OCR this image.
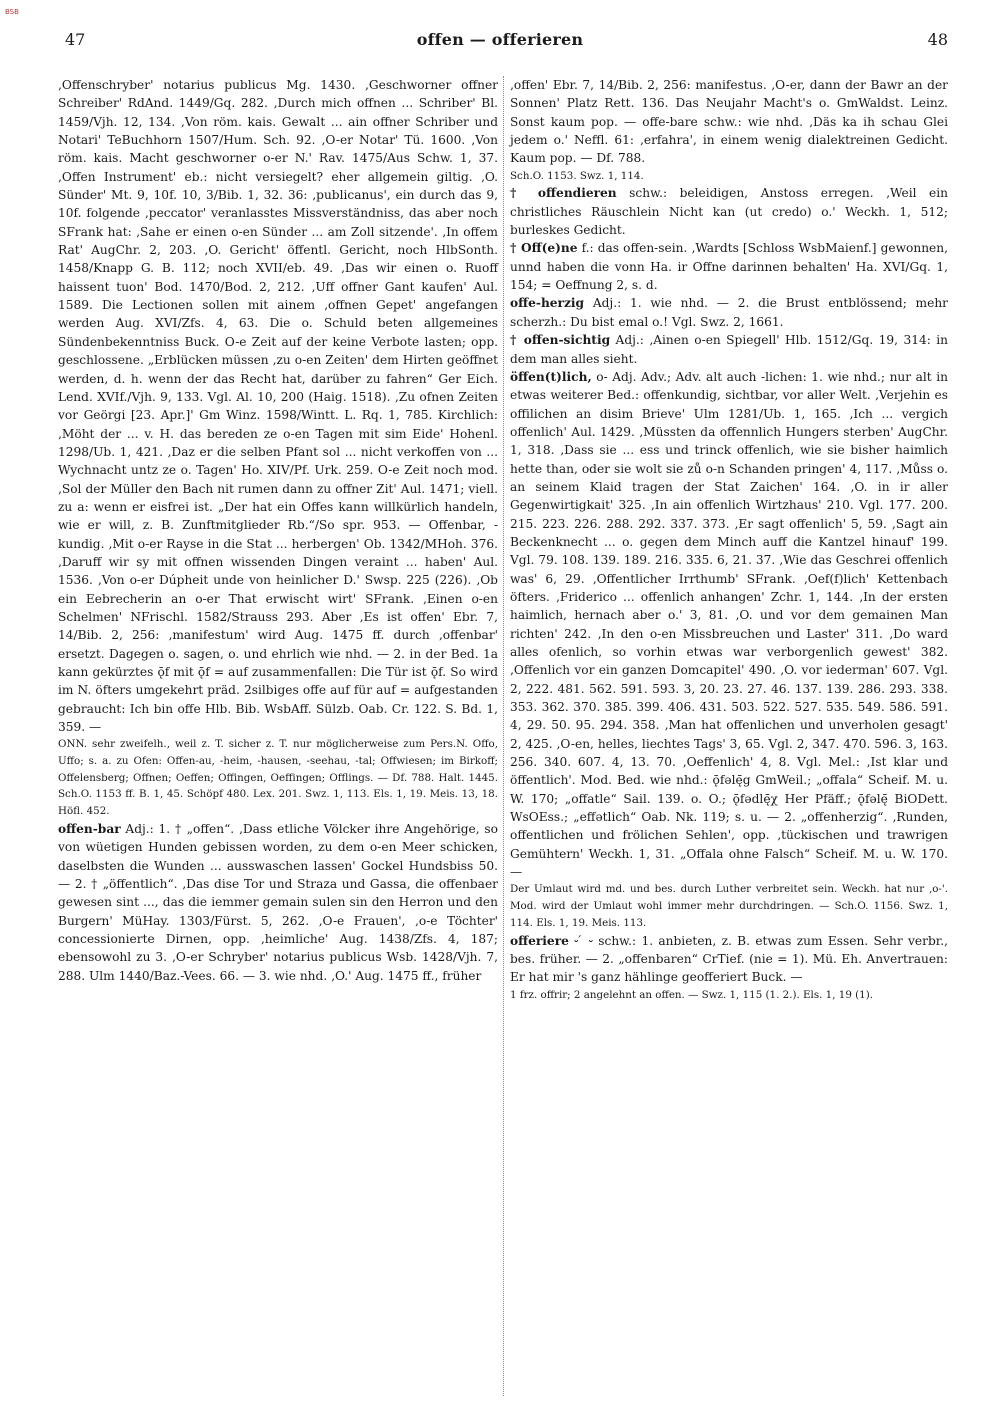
BSB
47	offen — offerieren	48

‚Offenschryber' notarius publicus Mg. 1430. ‚Geschworner offner Schreiber' RdAnd. 1449/Gq. 282. ‚Durch mich offnen ... Schriber' Bl. 1459/Vjh. 12, 134. ‚Von röm. kais. Gewalt ... ain offner Schriber und Notari' TeBuchhorn 1507/Hum. Sch. 92. ‚O-er Notar' Tü. 1600. ‚Von röm. kais. Macht geschworner o-er N.' Rav. 1475/Aus Schw. 1, 37. ‚Offen Instrument' eb.: nicht versiegelt? eher allgemein giltig. ‚O. Sünder' Mt. 9, 10f. 10, 3/Bib. 1, 32. 36: ‚publicanus', ein durch das 9, 10f. folgende ‚peccator' veranlasstes Missverständniss, das aber noch SFrank hat: ‚Sahe er einen o-en Sünder ... am Zoll sitzende'. ‚In offem Rat' AugChr. 2, 203. ‚O. Gericht' öffentl. Gericht, noch HlbSonth. 1458/Knapp G. B. 112; noch XVII/eb. 49. ‚Das wir einen o. Ruoff haissent tuon' Bod. 1470/Bod. 2, 212. ‚Uff offner Gant kaufen' Aul. 1589. Die Lectionen sollen mit ainem ‚offnen Gepet' angefangen werden Aug. XVI/Zfs. 4, 63. Die o. Schuld beten allgemeines Sündenbekenntniss Buck. O-e Zeit auf der keine Verbote lasten; opp. geschlossene. „Erblücken müssen ‚zu o-en Zeiten' dem Hirten geöffnet werden, d. h. wenn der das Recht hat, darüber zu fahren“ Ger Eich. Lend. XVIf./Vjh. 9, 133. Vgl. Al. 10, 200 (Haig. 1518). ‚Zu ofnen Zeiten vor Geörgi [23. Apr.]' Gm Winz. 1598/Wintt. L. Rq. 1, 785. Kirchlich: ‚Möht der ... v. H. das bereden ze o-en Tagen mit sim Eide' Hohenl. 1298/Ub. 1, 421. ‚Daz er die selben Pfant sol ... nicht verkoffen von ... Wychnacht untz ze o. Tagen' Ho. XIV/Pf. Urk. 259. O-e Zeit noch mod. ‚Sol der Müller den Bach nit rumen dann zu offner Zit' Aul. 1471; viell. zu a: wenn er eisfrei ist. „Der hat ein Offes kann willkürlich handeln, wie er will, z. B. Zunftmitglieder Rb.“/So spr. 953. — Offenbar, -kundig. ‚Mit o-er Rayse in die Stat ... herbergen' Ob. 1342/MHoh. 376. ‚Daruff wir sy mit offnen wissenden Dingen veraint ... haben' Aul. 1536. ‚Von o-er Dúpheit unde von heinlicher D.' Swsp. 225 (226). ‚Ob ein Eebrecherin an o-er That erwischt wirt' SFrank. ‚Einen o-en Schelmen' NFrischl. 1582/Strauss 293. Aber ‚Es ist offen' Ebr. 7, 14/Bib. 2, 256: ‚manifestum' wird Aug. 1475 ff. durch ‚offenbar' ersetzt. Dagegen o. sagen, o. und ehrlich wie nhd. — 2. in der Bed. 1a kann gekürztes ǭf mit ǭf = auf zusammenfallen: Die Tür ist ǭf. So wird im N. öfters umgekehrt präd. 2silbiges offe auf für auf = aufgestanden gebraucht: Ich bin offe Hlb. Bib. WsbAff. Sülzb. Oab. Cr. 122. S. Bd. 1, 359. —

ONN. sehr zweifelh., weil z. T. sicher z. T. nur möglicherweise zum Pers.N. Offo, Uffo; s. a. zu Ofen: Offen-au, -heim, -hausen, -seehau, -tal; Offwiesen; im Birkoff; Offelensberg; Offnen; Oeffen; Offingen, Oeffingen; Offlings. — Df. 788. Halt. 1445. Sch.O. 1153 ff. B. 1, 45. Schöpf 480. Lex. 201. Swz. 1, 113. Els. 1, 19. Meis. 13, 18. Höfl. 452.

offen-bar Adj.: 1. † „offen“. ‚Dass etliche Völcker ihre Angehörige, so von wüetigen Hunden gebissen worden, zu dem o-en Meer schicken, daselbsten die Wunden ... ausswaschen lassen' Gockel Hundsbiss 50. — 2. † „öffentlich“. ‚Das dise Tor und Straza und Gassa, die offenbaer gewesen sint ..., das die iemmer gemain sulen sin den Herron und den Burgern' MüHay. 1303/Fürst. 5, 262. ‚O-e Frauen', ‚o-e Töchter' concessionierte Dirnen, opp. ‚heimliche' Aug. 1438/Zfs. 4, 187; ebensowohl zu 3. ‚O-er Schryber' notarius publicus Wsb. 1428/Vjh. 7, 288. Ulm 1440/Baz.-Vees. 66. — 3. wie nhd. ‚O.' Aug. 1475 ff., früher

‚offen' Ebr. 7, 14/Bib. 2, 256: manifestus. ‚O-er, dann der Bawr an der Sonnen' Platz Rett. 136. Das Neujahr Macht's o. GmWaldst. Leinz. Sonst kaum pop. — offe-bare schw.: wie nhd. ‚Däs ka ih schau Glei jedem o.' Neffl. 61: ‚erfahra', in einem wenig dialektreinen Gedicht. Kaum pop. — Df. 788.

Sch.O. 1153. Swz. 1, 114.

† offendieren schw.: beleidigen, Anstoss erregen. ‚Weil ein christliches Räuschlein Nicht kan (ut credo) o.' Weckh. 1, 512; burleskes Gedicht.

† Off(e)ne f.: das offen-sein. ‚Wardts [Schloss WsbMaienf.] gewonnen, unnd haben die vonn Ha. ir Offne darinnen behalten' Ha. XVI/Gq. 1, 154; = Oeffnung 2, s. d.

offe-herzig Adj.: 1. wie nhd. — 2. die Brust entblössend; mehr scherzh.: Du bist emal o.! Vgl. Swz. 2, 1661.

† offen-sichtig Adj.: ‚Ainen o-en Spiegell' Hlb. 1512/Gq. 19, 314: in dem man alles sieht.

öffen(t)lich, o- Adj. Adv.; Adv. alt auch -lichen: 1. wie nhd.; nur alt in etwas weiterer Bed.: offenkundig, sichtbar, vor aller Welt. ‚Verjehin es offilichen an disim Brieve' Ulm 1281/Ub. 1, 165. ‚Ich ... vergich offenlich' Aul. 1429. ‚Müssten da offennlich Hungers sterben' AugChr. 1, 318. ‚Dass sie ... ess und trinck offenlich, wie sie bisher haimlich hette than, oder sie wolt sie zů o-n Schanden pringen' 4, 117. ‚Můss o. an seinem Klaid tragen der Stat Zaichen' 164. ‚O. in ir aller Gegenwirtigkait' 325. ‚In ain offenlich Wirtzhaus' 210. Vgl. 177. 200. 215. 223. 226. 288. 292. 337. 373. ‚Er sagt offenlich' 5, 59. ‚Sagt ain Beckenknecht ... o. gegen dem Minch auff die Kantzel hinauf' 199. Vgl. 79. 108. 139. 189. 216. 335. 6, 21. 37. ‚Wie das Geschrei offenlich was' 6, 29. ‚Offentlicher Irrthumb' SFrank. ‚Oef(f)lich' Kettenbach öfters. ‚Friderico ... offenlich anhangen' Zchr. 1, 144. ‚In der ersten haimlich, hernach aber o.' 3, 81. ‚O. und vor dem gemainen Man richten' 242. ‚In den o-en Missbreuchen und Laster' 311. ‚Do ward alles ofenlich, so vorhin etwas war verborgenlich gewest' 382. ‚Offenlich vor ein ganzen Domcapitel' 490. ‚O. vor iederman' 607. Vgl. 2, 222. 481. 562. 591. 593. 3, 20. 23. 27. 46. 137. 139. 286. 293. 338. 353. 362. 370. 385. 399. 406. 431. 503. 522. 527. 535. 549. 586. 591. 4, 29. 50. 95. 294. 358. ‚Man hat offenlichen und unverholen gesagt' 2, 425. ‚O-en, helles, liechtes Tags' 3, 65. Vgl. 2, 347. 470. 596. 3, 163. 256. 340. 607. 4, 13. 70. ‚Oeffenlich' 4, 8. Vgl. Mel.: ‚Ist klar und öffentlich'. Mod. Bed. wie nhd.: ǭfəlę̄g GmWeil.; „offala“ Scheif. M. u. W. 170; „offatle“ Sail. 139. o. O.; ǭfədlę̄χ Her Pfäff.; ǭfəlę̄ BiODett. WsOEss.; „effətlich“ Oab. Nk. 119; s. u. — 2. „offenherzig“. ‚Runden, offentlichen und frölichen Sehlen', opp. ‚tückischen und trawrigen Gemühtern' Weckh. 1, 31. „Offala ohne Falsch“ Scheif. M. u. W. 170. —

Der Umlaut wird md. und bes. durch Luther verbreitet sein. Weckh. hat nur ‚o-'. Mod. wird der Umlaut wohl immer mehr durchdringen. — Sch.O. 1156. Swz. 1, 114. Els. 1, 19. Meis. 113.

offeriere ⏑ ́ ⏑ schw.: 1. anbieten, z. B. etwas zum Essen. Sehr verbr., bes. früher. — 2. „offenbaren“ CrTief. (nie = 1). Mü. Eh. Anvertrauen: Er hat mir 's ganz hählinge geofferiert Buck. —

1 frz. offrir; 2 angelehnt an offen. — Swz. 1, 115 (1. 2.). Els. 1, 19 (1).
